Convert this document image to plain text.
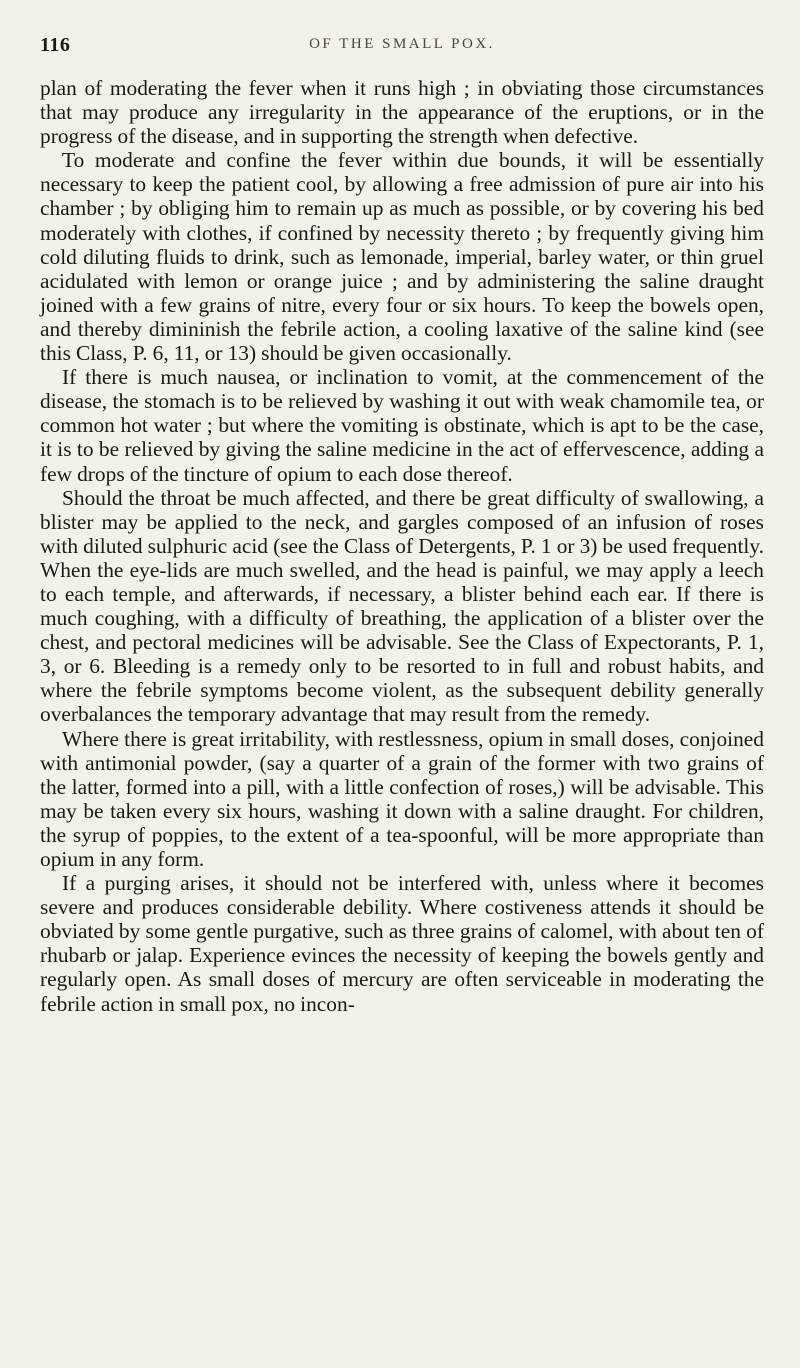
116	OF THE SMALL POX.

plan of moderating the fever when it runs high ; in obviating those circumstances that may produce any irregularity in the appearance of the eruptions, or in the progress of the disease, and in supporting the strength when defective.

To moderate and confine the fever within due bounds, it will be essentially necessary to keep the patient cool, by allowing a free admission of pure air into his chamber ; by obliging him to remain up as much as possible, or by covering his bed moderately with clothes, if confined by necessity thereto ; by frequently giving him cold diluting fluids to drink, such as lemonade, imperial, barley water, or thin gruel acidulated with lemon or orange juice ; and by administering the saline draught joined with a few grains of nitre, every four or six hours. To keep the bowels open, and thereby dimininish the febrile action, a cooling laxative of the saline kind (see this Class, P. 6, 11, or 13) should be given occasionally.

If there is much nausea, or inclination to vomit, at the commencement of the disease, the stomach is to be relieved by washing it out with weak chamomile tea, or common hot water ; but where the vomiting is obstinate, which is apt to be the case, it is to be relieved by giving the saline medicine in the act of effervescence, adding a few drops of the tincture of opium to each dose thereof.

Should the throat be much affected, and there be great difficulty of swallowing, a blister may be applied to the neck, and gargles composed of an infusion of roses with diluted sulphuric acid (see the Class of Detergents, P. 1 or 3) be used frequently. When the eye-lids are much swelled, and the head is painful, we may apply a leech to each temple, and afterwards, if necessary, a blister behind each ear. If there is much coughing, with a difficulty of breathing, the application of a blister over the chest, and pectoral medicines will be advisable. See the Class of Expectorants, P. 1, 3, or 6. Bleeding is a remedy only to be resorted to in full and robust habits, and where the febrile symptoms become violent, as the subsequent debility generally overbalances the temporary advantage that may result from the remedy.

Where there is great irritability, with restlessness, opium in small doses, conjoined with antimonial powder, (say a quarter of a grain of the former with two grains of the latter, formed into a pill, with a little confection of roses,) will be advisable. This may be taken every six hours, washing it down with a saline draught. For children, the syrup of poppies, to the extent of a tea-spoonful, will be more appropriate than opium in any form.

If a purging arises, it should not be interfered with, unless where it becomes severe and produces considerable debility. Where costiveness attends it should be obviated by some gentle purgative, such as three grains of calomel, with about ten of rhubarb or jalap. Experience evinces the necessity of keeping the bowels gently and regularly open. As small doses of mercury are often serviceable in moderating the febrile action in small pox, no incon-
